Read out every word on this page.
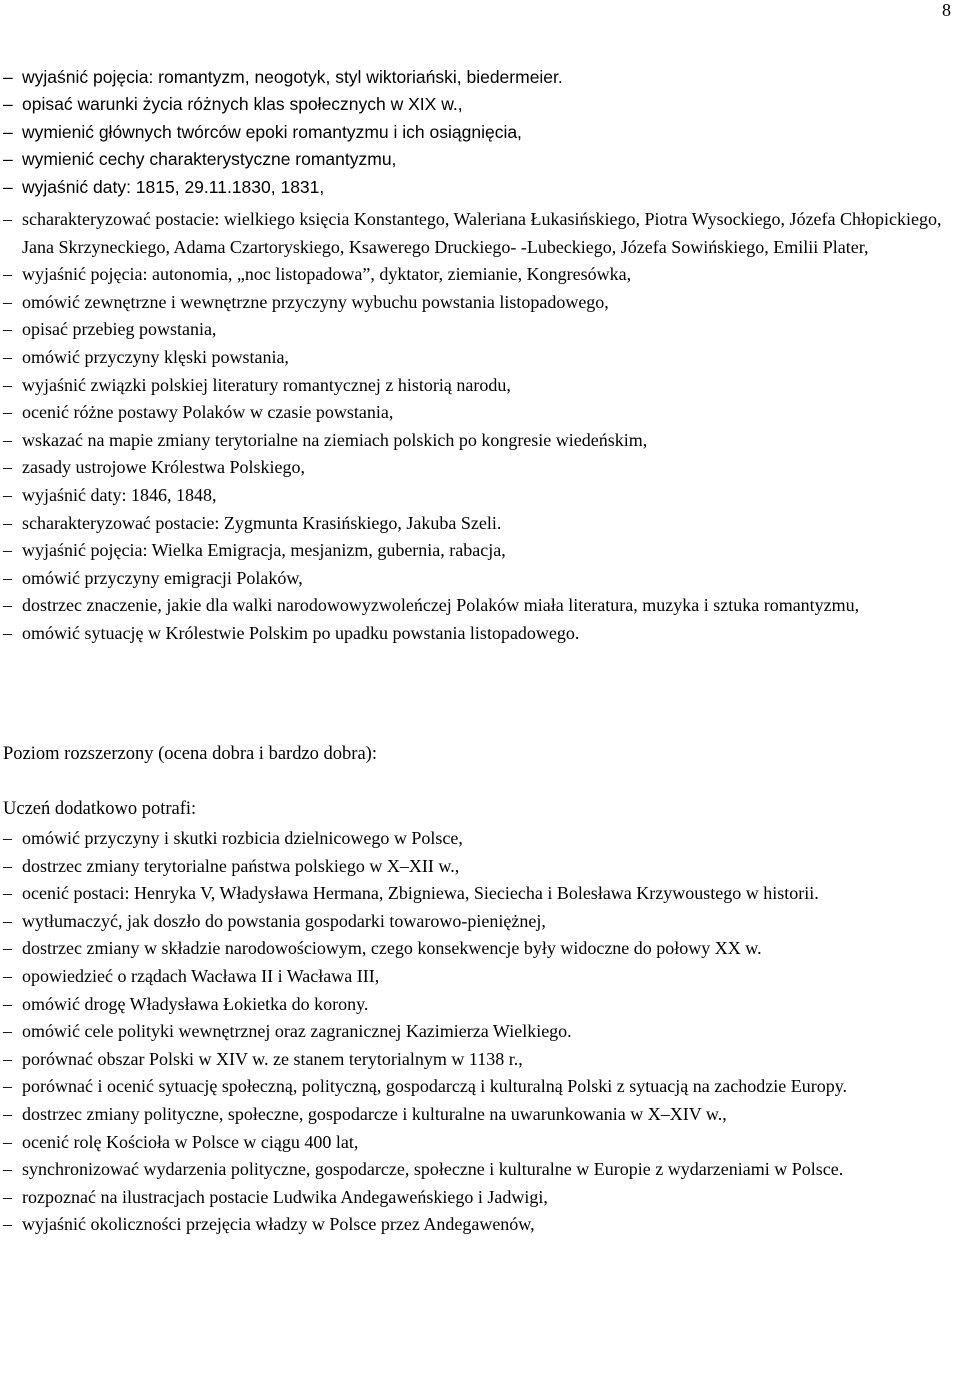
8
– wyjaśnić pojęcia: romantyzm, neogotyk, styl wiktoriański, biedermeier.
– opisać warunki życia różnych klas społecznych w XIX w.,
– wymienić głównych twórców epoki romantyzmu i ich osiągnięcia,
– wymienić cechy charakterystyczne romantyzmu,
– wyjaśnić daty: 1815, 29.11.1830, 1831,
– scharakteryzować postacie: wielkiego księcia Konstantego, Waleriana Łukasińskiego, Piotra Wysockiego, Józefa Chłopickiego, Jana Skrzyneckiego, Adama Czartoryskiego, Ksawerego Druckiego- -Lubeckiego, Józefa Sowińskiego, Emilii Plater,
– wyjaśnić pojęcia: autonomia, „noc listopadowa”, dyktator, ziemianie, Kongresówka,
– omówić zewnętrzne i wewnętrzne przyczyny wybuchu powstania listopadowego,
– opisać przebieg powstania,
– omówić przyczyny klęski powstania,
– wyjaśnić związki polskiej literatury romantycznej z historią narodu,
– ocenić różne postawy Polaków w czasie powstania,
– wskazać na mapie zmiany terytorialne na ziemiach polskich po kongresie wiedeńskim,
– zasady ustrojowe Królestwa Polskiego,
– wyjaśnić daty: 1846, 1848,
– scharakteryzować postacie: Zygmunta Krasińskiego, Jakuba Szeli.
– wyjaśnić pojęcia: Wielka Emigracja, mesjanizm, gubernia, rabacja,
– omówić przyczyny emigracji Polaków,
– dostrzec znaczenie, jakie dla walki narodowowyzwoleńczej Polaków miała literatura, muzyka i sztuka romantyzmu,
– omówić sytuację w Królestwie Polskim po upadku powstania listopadowego.
Poziom rozszerzony (ocena dobra i bardzo dobra):
Uczeń dodatkowo potrafi:
– omówić przyczyny i skutki rozbicia dzielnicowego w Polsce,
– dostrzec zmiany terytorialne państwa polskiego w X–XII w.,
– ocenić postaci: Henryka V, Władysława Hermana, Zbigniewa, Sieciecha i Bolesława Krzywoustego w historii.
– wytłumaczyć, jak doszło do powstania gospodarki towarowo-pieniężnej,
– dostrzec zmiany w składzie narodowościowym, czego konsekwencje były widoczne do połowy XX w.
– opowiedzieć o rządach Wacława II i Wacława III,
– omówić drogę Władysława Łokietka do korony.
– omówić cele polityki wewnętrznej oraz zagranicznej Kazimierza Wielkiego.
– porównać obszar Polski w XIV w. ze stanem terytorialnym w 1138 r.,
– porównać i ocenić sytuację społeczną, polityczną, gospodarczą i kulturalną Polski z sytuacją na zachodzie Europy.
– dostrzec zmiany polityczne, społeczne, gospodarcze i kulturalne na uwarunkowania w X–XIV w.,
– ocenić rolę Kościoła w Polsce w ciągu 400 lat,
– synchronizować wydarzenia polityczne, gospodarcze, społeczne i kulturalne w Europie z wydarzeniami w Polsce.
– rozpoznać na ilustracjach postacie Ludwika Andegaweńskiego i Jadwigi,
– wyjaśnić okoliczności przejęcia władzy w Polsce przez Andegawenów,
